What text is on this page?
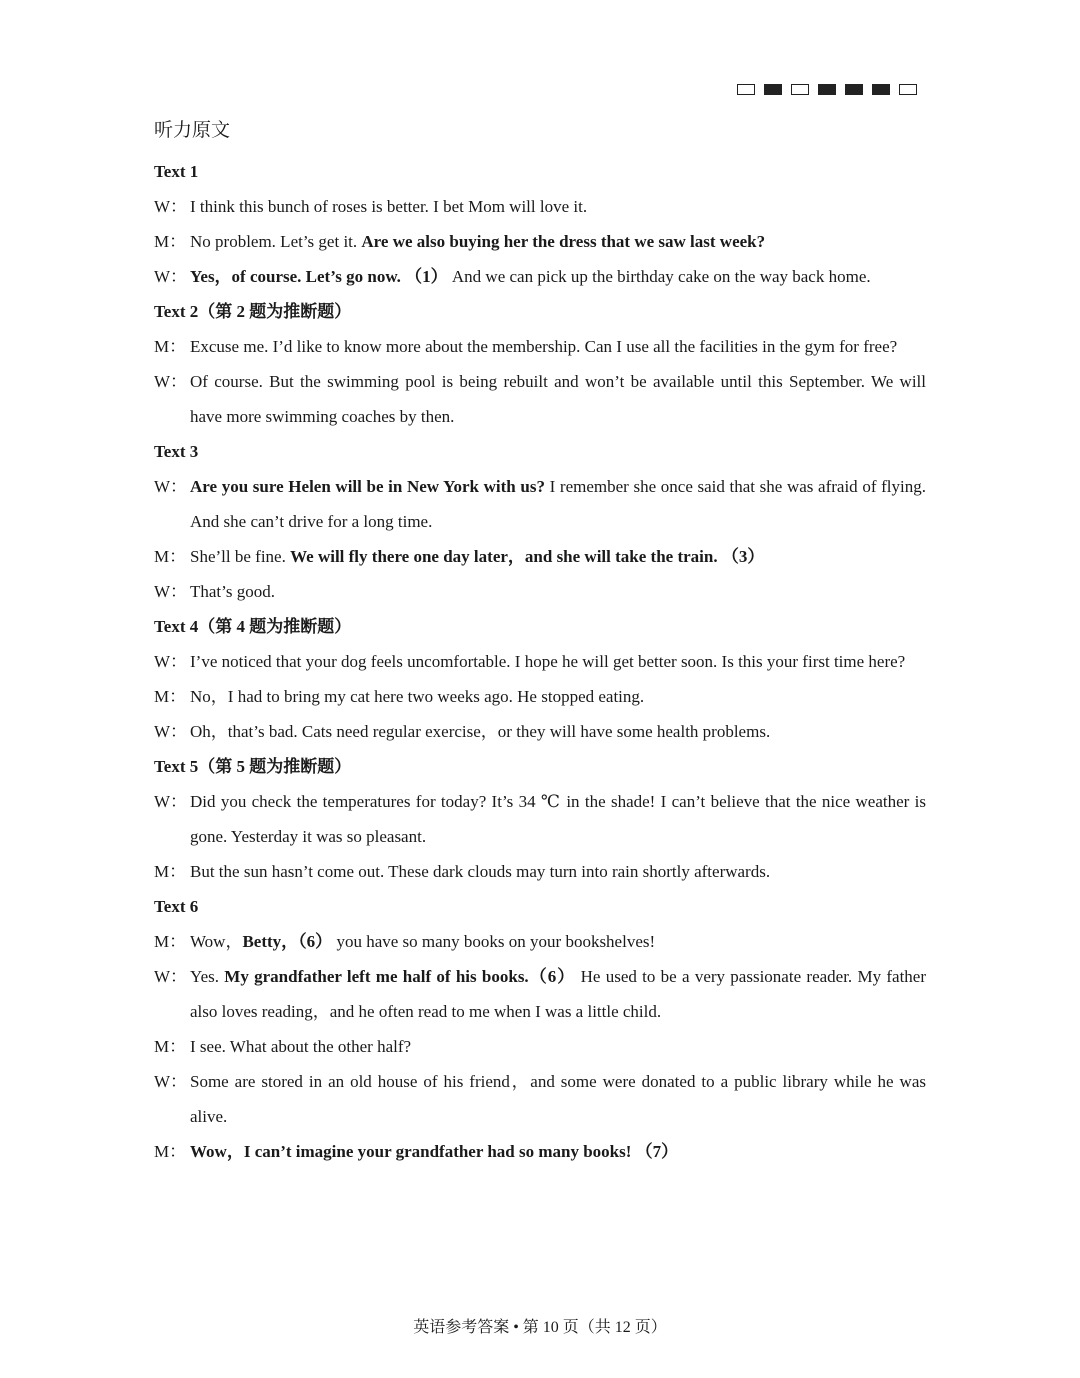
听力原文
Text 1
W： I think this bunch of roses is better. I bet Mom will love it.
M： No problem. Let’s get it. Are we also buying her the dress that we saw last week?
W： Yes，of course. Let’s go now. （1） And we can pick up the birthday cake on the way back home.
Text 2（第 2 题为推断题）
M： Excuse me. I’d like to know more about the membership. Can I use all the facilities in the gym for free?
W： Of course. But the swimming pool is being rebuilt and won’t be available until this September. We will have more swimming coaches by then.
Text 3
W： Are you sure Helen will be in New York with us? I remember she once said that she was afraid of flying. And she can’t drive for a long time.
M： She’ll be fine. We will fly there one day later，and she will take the train. （3）
W： That’s good.
Text 4（第 4 题为推断题）
W： I’ve noticed that your dog feels uncomfortable. I hope he will get better soon. Is this your first time here?
M： No，I had to bring my cat here two weeks ago. He stopped eating.
W： Oh，that’s bad. Cats need regular exercise，or they will have some health problems.
Text 5（第 5 题为推断题）
W： Did you check the temperatures for today? It’s 34 ℃ in the shade! I can’t believe that the nice weather is gone. Yesterday it was so pleasant.
M： But the sun hasn’t come out. These dark clouds may turn into rain shortly afterwards.
Text 6
M： Wow，Betty，（6） you have so many books on your bookshelves!
W： Yes. My grandfather left me half of his books.（6） He used to be a very passionate reader. My father also loves reading，and he often read to me when I was a little child.
M： I see. What about the other half?
W： Some are stored in an old house of his friend，and some were donated to a public library while he was alive.
M： Wow，I can’t imagine your grandfather had so many books! （7）
英语参考答案 • 第 10 页（共 12 页）
